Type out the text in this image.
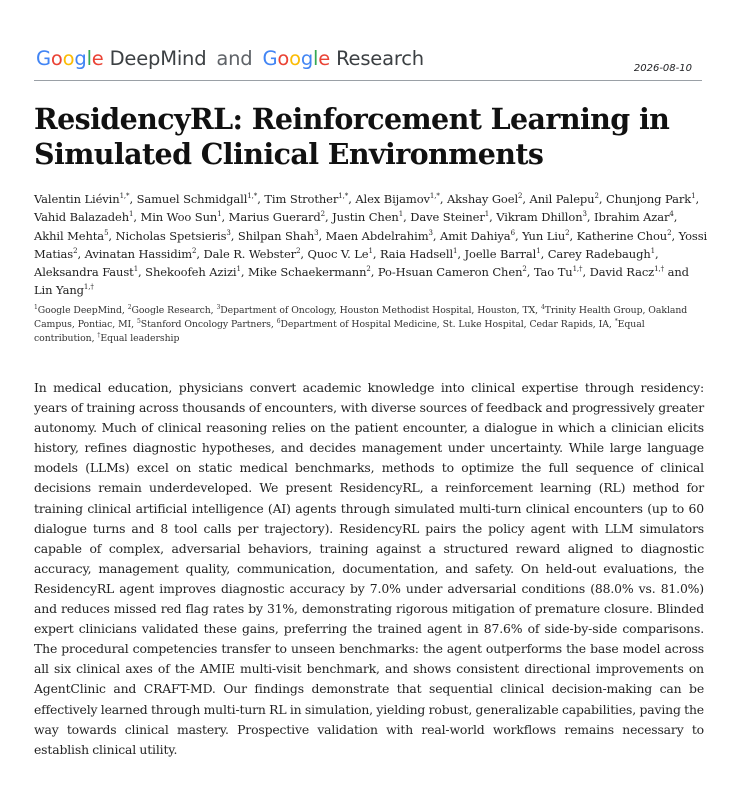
Google DeepMind and Google Research	2026-08-10
ResidencyRL: Reinforcement Learning in Simulated Clinical Environments
Valentin Liévin$^{1,*}$, Samuel Schmidgall$^{1,*}$, Tim Strother$^{1,*}$, Alex Bijamov$^{1,*}$, Akshay Goel$^2$, Anil Palepu$^2$, Chunjong Park$^1$, Vahid Balazadeh$^1$, Min Woo Sun$^1$, Marius Guerard$^2$, Justin Chen$^1$, Dave Steiner$^1$, Vikram Dhillon$^3$, Ibrahim Azar$^4$, Akhil Mehta$^5$, Nicholas Spetsieris$^3$, Shilpan Shah$^3$, Maen Abdelrahim$^3$, Amit Dahiya$^6$, Yun Liu$^2$, Katherine Chou$^2$, Yossi Matias$^2$, Avinatan Hassidim$^2$, Dale R. Webster$^2$, Quoc V. Le$^1$, Raia Hadsell$^1$, Joelle Barral$^1$, Carey Radebaugh$^1$, Aleksandra Faust$^1$, Shekoofeh Azizi$^1$, Mike Schaekermann$^2$, Po-Hsuan Cameron Chen$^2$, Tao $Tu^{1,\dagger}$, David Racz$^{1,\dagger}$ and Lin Yang$^{1,\dagger}$
$^1$Google DeepMind, $^2$Google Research, $^3$Department of Oncology, Houston Methodist Hospital, Houston, TX, $^4$Trinity Health Group, Oakland Campus, Pontiac, MI, $^5$Stanford Oncology Partners, $^6$Department of Hospital Medicine, St. Luke Hospital, Cedar Rapids, IA, *Equal contribution, †Equal leadership

In medical education, physicians convert academic knowledge into clinical expertise through residency: years of training across thousands of encounters, with diverse sources of feedback and progressively greater autonomy. Much of clinical reasoning relies on the patient encounter, a dialogue in which a clinician elicits history, refines diagnostic hypotheses, and decides management under uncertainty. While large language models (LLMs) excel on static medical benchmarks, methods to optimize the full sequence of clinical decisions remain underdeveloped. We present ResidencyRL, a reinforcement learning (RL) method for training clinical artificial intelligence (AI) agents through simulated multi-turn clinical encounters (up to 60 dialogue turns and 8 tool calls per trajectory). ResidencyRL pairs the policy agent with LLM simulators capable of complex, adversarial behaviors, training against a structured reward aligned to diagnostic accuracy, management quality, communication, documentation, and safety. On held-out evaluations, the ResidencyRL agent improves diagnostic accuracy by 7.0% under adversarial conditions (88.0% vs. 81.0%) and reduces missed red flag rates by 31%, demonstrating rigorous mitigation of premature closure. Blinded expert clinicians validated these gains, preferring the trained agent in 87.6% of side-by-side comparisons. The procedural competencies transfer to unseen benchmarks: the agent outperforms the base model across all six clinical axes of the AMIE multi-visit benchmark, and shows consistent directional improvements on AgentClinic and CRAFT-MD. Our findings demonstrate that sequential clinical decision-making can be effectively learned through multi-turn RL in simulation, yielding robust, generalizable capabilities, paving the way towards clinical mastery. Prospective validation with real-world workflows remains necessary to establish clinical utility.
